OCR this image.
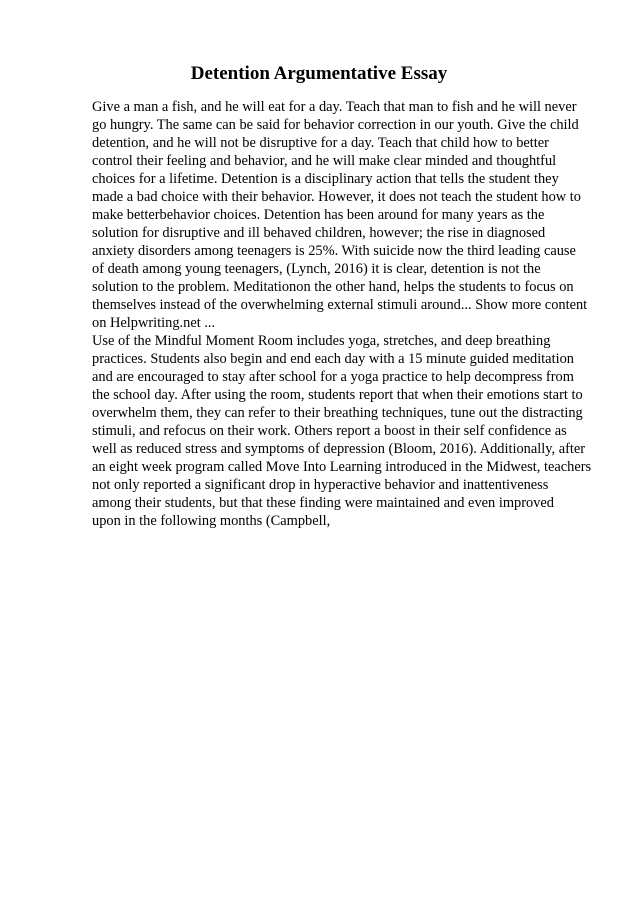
Detention Argumentative Essay
Give a man a fish, and he will eat for a day. Teach that man to fish and he will never
go hungry. The same can be said for behavior correction in our youth. Give the child
detention, and he will not be disruptive for a day. Teach that child how to better
control their feeling and behavior, and he will make clear minded and thoughtful
choices for a lifetime. Detention is a disciplinary action that tells the student they
made a bad choice with their behavior. However, it does not teach the student how to
make betterbehavior choices. Detention has been around for many years as the
solution for disruptive and ill behaved children, however; the rise in diagnosed
anxiety disorders among teenagers is 25%. With suicide now the third leading cause
of death among young teenagers, (Lynch, 2016) it is clear, detention is not the
solution to the problem. Meditationon the other hand, helps the students to focus on
themselves instead of the overwhelming external stimuli around... Show more content
on Helpwriting.net ...
Use of the Mindful Moment Room includes yoga, stretches, and deep breathing
practices. Students also begin and end each day with a 15 minute guided meditation
and are encouraged to stay after school for a yoga practice to help decompress from
the school day. After using the room, students report that when their emotions start to
overwhelm them, they can refer to their breathing techniques, tune out the distracting
stimuli, and refocus on their work. Others report a boost in their self confidence as
well as reduced stress and symptoms of depression (Bloom, 2016). Additionally, after
an eight week program called Move Into Learning introduced in the Midwest, teachers
not only reported a significant drop in hyperactive behavior and inattentiveness
among their students, but that these finding were maintained and even improved
upon in the following months (Campbell,
